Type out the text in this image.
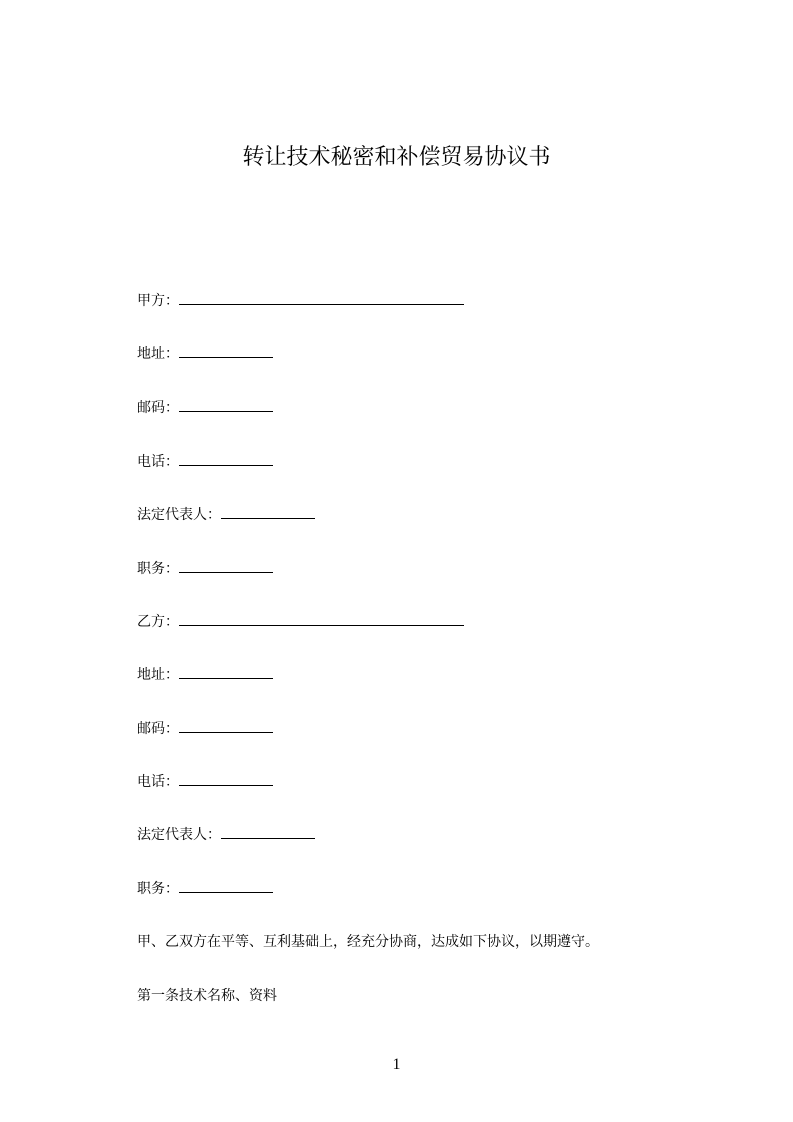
转让技术秘密和补偿贸易协议书
甲方：
地址：
邮码：
电话：
法定代表人：
职务：
乙方：
地址：
邮码：
电话：
法定代表人：
职务：
甲、乙双方在平等、互利基础上，经充分协商，达成如下协议，以期遵守。
第一条技术名称、资料
1
